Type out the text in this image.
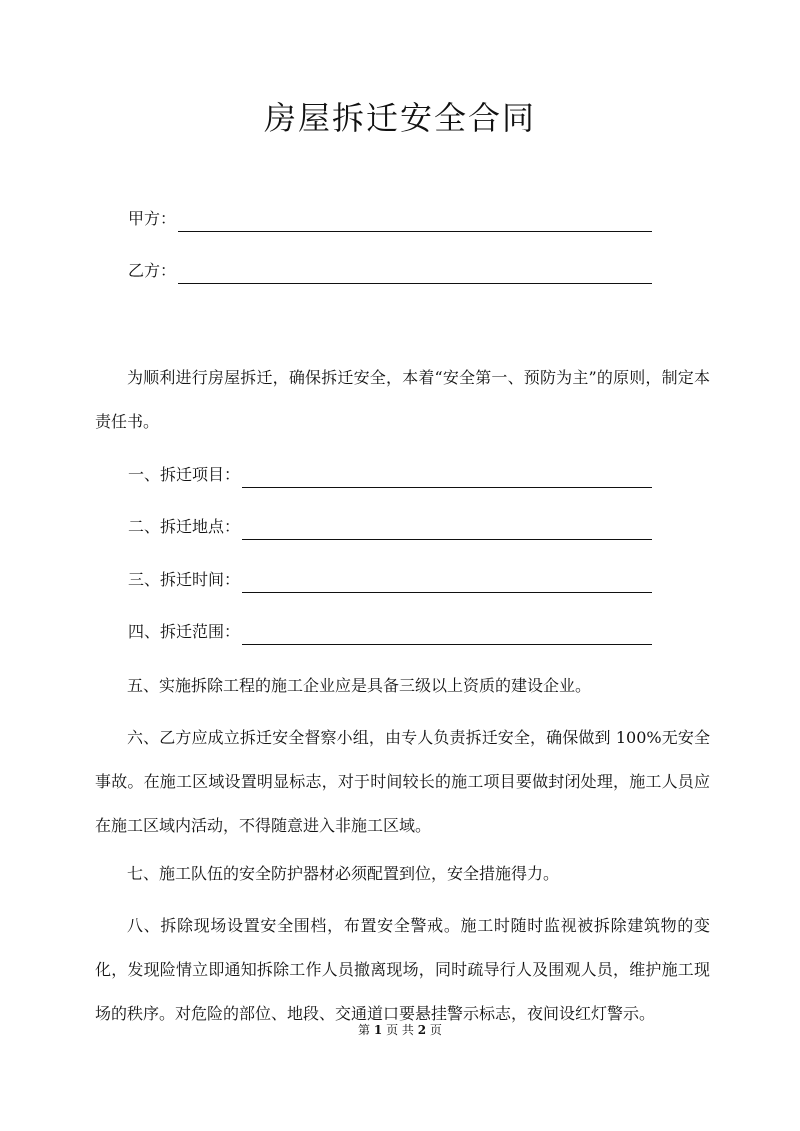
房屋拆迁安全合同
甲方：
乙方：

为顺利进行房屋拆迁，确保拆迁安全，本着“安全第一、预防为主”的原则，制定本责任书。

一、拆迁项目：
二、拆迁地点：
三、拆迁时间：
四、拆迁范围：

五、实施拆除工程的施工企业应是具备三级以上资质的建设企业。

六、乙方应成立拆迁安全督察小组，由专人负责拆迁安全，确保做到 100%无安全事故。在施工区域设置明显标志，对于时间较长的施工项目要做封闭处理，施工人员应在施工区域内活动，不得随意进入非施工区域。

七、施工队伍的安全防护器材必须配置到位，安全措施得力。

八、拆除现场设置安全围档，布置安全警戒。施工时随时监视被拆除建筑物的变化，发现险情立即通知拆除工作人员撤离现场，同时疏导行人及围观人员，维护施工现场的秩序。对危险的部位、地段、交通道口要悬挂警示标志，夜间设红灯警示。

第 1 页 共 2 页
